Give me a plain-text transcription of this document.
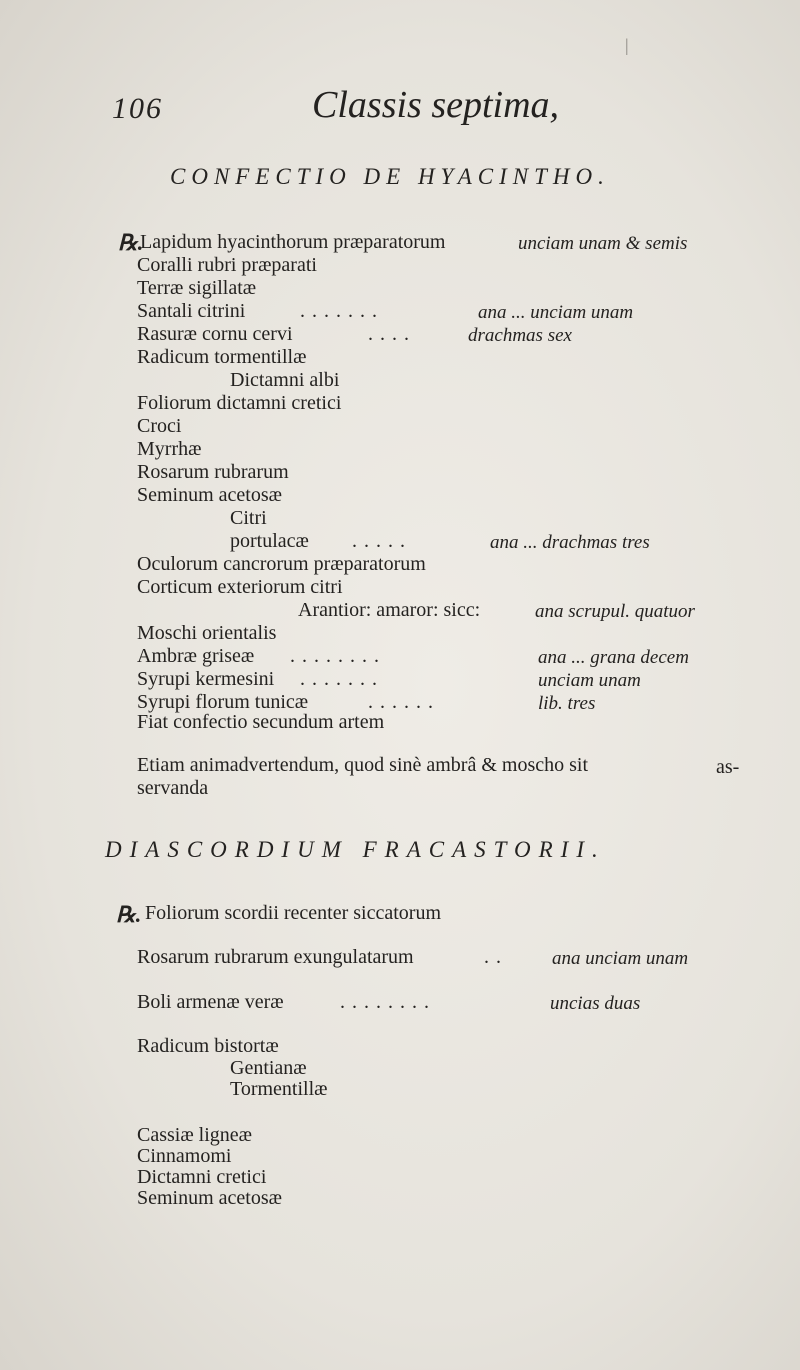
|
106	Classis septima,
CONFECTIO DE HYACINTHO.
℞.
Lapidum hyacinthorum præparatorum	unciam unam & semis
Coralli rubri præparati
Terræ sigillatæ
Santali citrini	.......	ana ... unciam unam
Rasuræ cornu cervi	....	drachmas sex
Radicum tormentillæ
Dictamni albi
Foliorum dictamni cretici
Croci
Myrrhæ
Rosarum rubrarum
Seminum acetosæ
Citri
portulacæ .....	ana ... drachmas tres
Oculorum cancrorum præparatorum
Corticum exteriorum citri
Arantior: amaror: sicc:	ana scrupul. quatuor
Moschi orientalis
Ambræ griseæ ........	ana ... grana decem
Syrupi kermesini .......	unciam unam
Syrupi florum tunicæ	......	lib. tres
Fiat confectio secundum artem
Etiam animadvertendum, quod sinè ambrâ & moscho sit	as-
servanda
DIASCORDIUM FRACASTORII.
℞. Foliorum scordii recenter siccatorum
Rosarum rubrarum exungulatarum	.. ana unciam unam
Boli armenæ veræ	........	uncias duas
Radicum bistortæ
Gentianæ
Tormentillæ
Cassiæ ligneæ
Cinnamomi
Dictamni cretici
Seminum acetosæ
